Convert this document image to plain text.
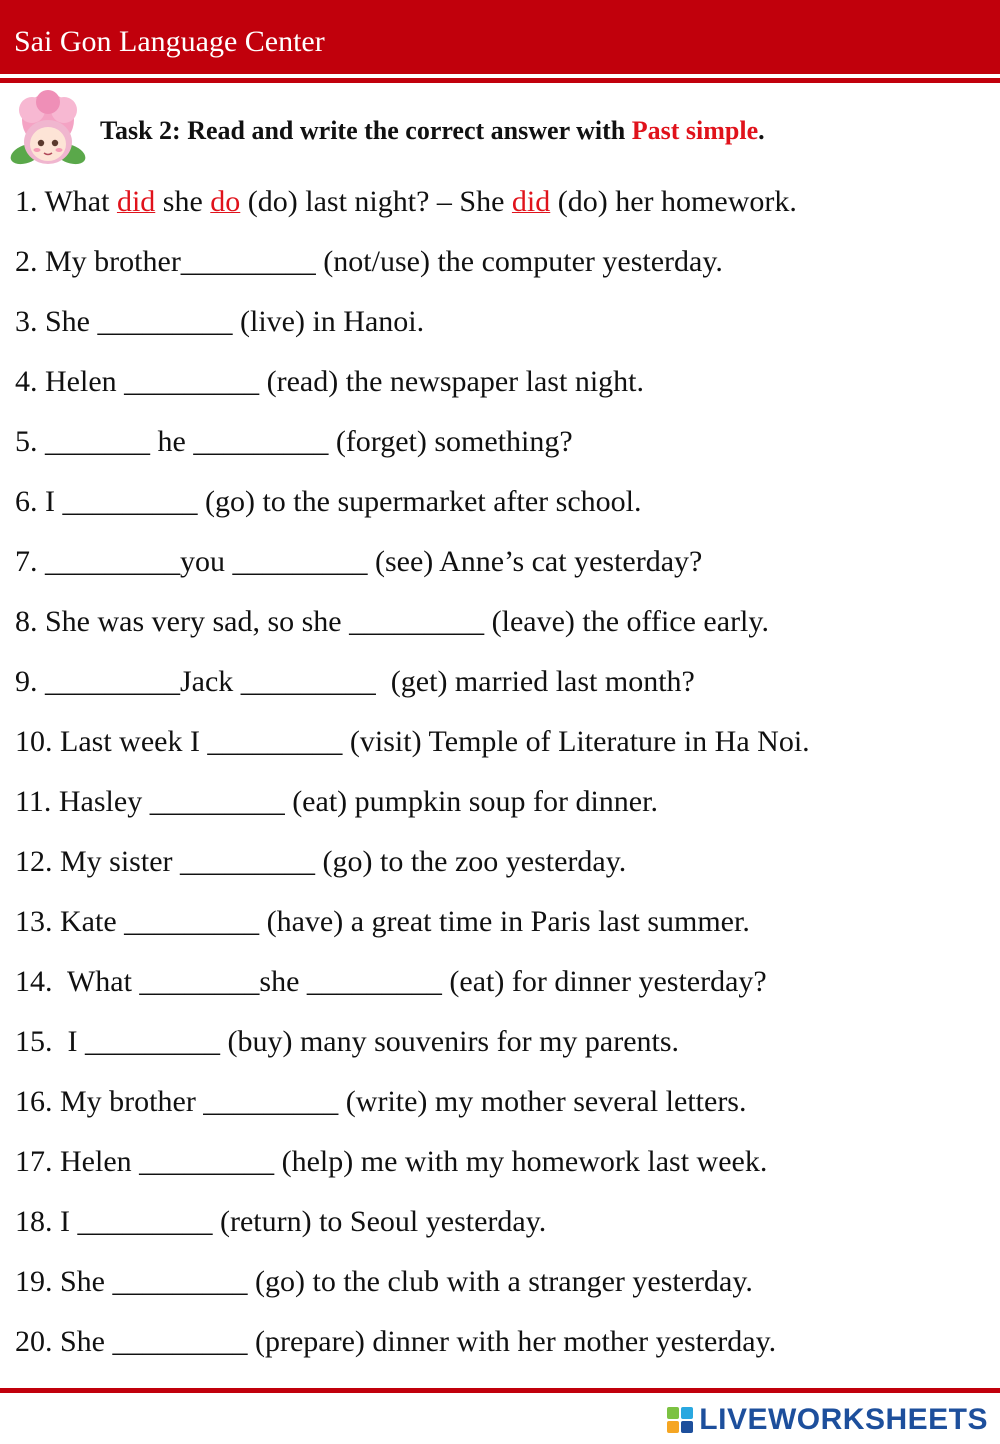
Sai Gon Language Center
Task 2: Read and write the correct answer with Past simple.
1. What did she do (do) last night? – She did (do) her homework.
2. My brother_________ (not/use) the computer yesterday.
3. She _________ (live) in Hanoi.
4. Helen _________ (read) the newspaper last night.
5. _______ he _________ (forget) something?
6. I _________ (go) to the supermarket after school.
7. _________you _________ (see) Anne’s cat yesterday?
8. She was very sad, so she _________ (leave) the office early.
9. _________Jack _________  (get) married last month?
10. Last week I _________ (visit) Temple of Literature in Ha Noi.
11. Hasley _________ (eat) pumpkin soup for dinner.
12. My sister _________ (go) to the zoo yesterday.
13. Kate _________ (have) a great time in Paris last summer.
14.  What ________she _________ (eat) for dinner yesterday?
15.  I _________ (buy) many souvenirs for my parents.
16. My brother _________ (write) my mother several letters.
17. Helen _________ (help) me with my homework last week.
18. I _________ (return) to Seoul yesterday.
19. She _________ (go) to the club with a stranger yesterday.
20. She _________ (prepare) dinner with her mother yesterday.
LIVEWORKSHEETS
